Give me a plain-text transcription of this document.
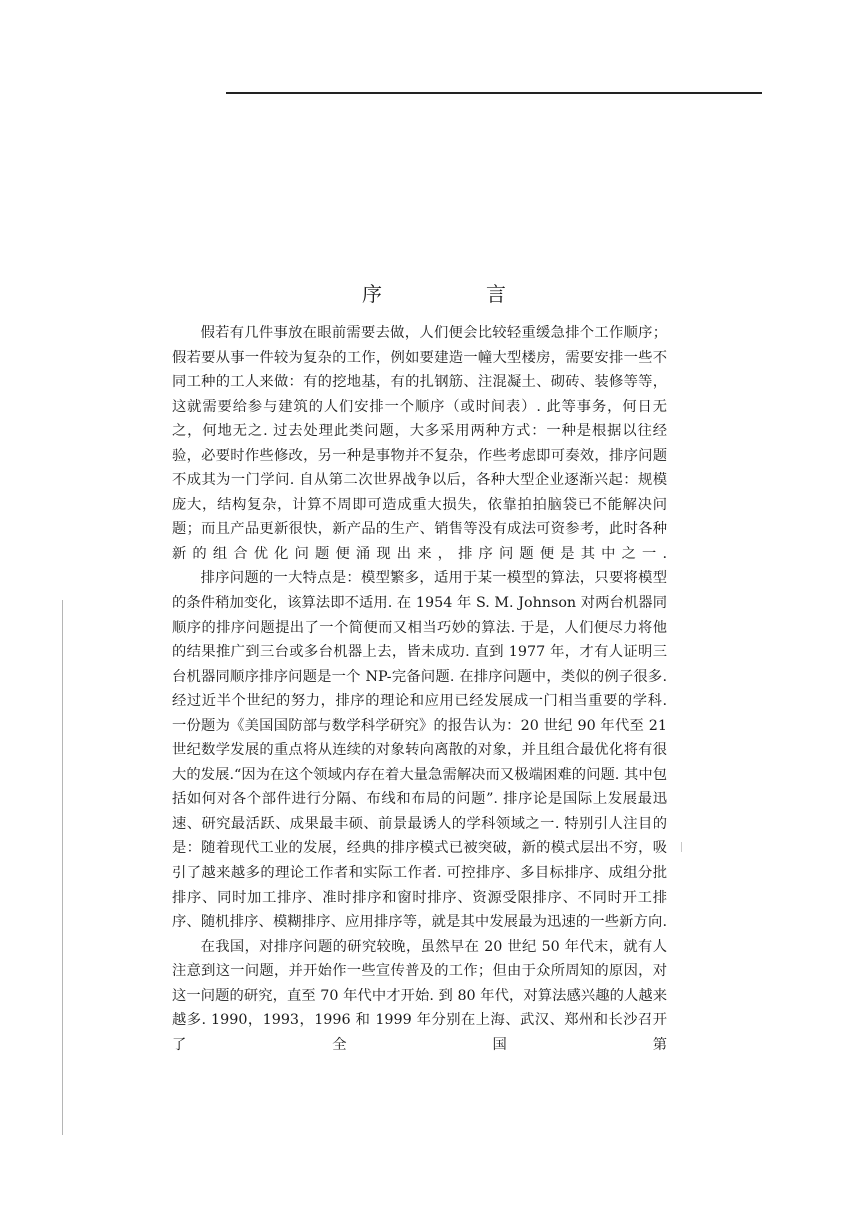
序　言

假若有几件事放在眼前需要去做，人们便会比较轻重缓急排个工作顺序；假若要从事一件较为复杂的工作，例如要建造一幢大型楼房，需要安排一些不同工种的工人来做：有的挖地基，有的扎钢筋、注混凝土、砌砖、装修等等，这就需要给参与建筑的人们安排一个顺序（或时间表）. 此等事务，何日无之，何地无之. 过去处理此类问题，大多采用两种方式：一种是根据以往经验，必要时作些修改，另一种是事物并不复杂，作些考虑即可奏效，排序问题不成其为一门学问. 自从第二次世界战争以后，各种大型企业逐渐兴起：规模庞大，结构复杂，计算不周即可造成重大损失，依靠拍拍脑袋已不能解决问题；而且产品更新很快，新产品的生产、销售等没有成法可资参考，此时各种新的组合优化问题便涌现出来，排序问题便是其中之一.

排序问题的一大特点是：模型繁多，适用于某一模型的算法，只要将模型的条件稍加变化，该算法即不适用. 在 1954 年 S. M. Johnson 对两台机器同顺序的排序问题提出了一个简便而又相当巧妙的算法. 于是，人们便尽力将他的结果推广到三台或多台机器上去，皆未成功. 直到 1977 年，才有人证明三台机器同顺序排序问题是一个 NP-完备问题. 在排序问题中，类似的例子很多. 经过近半个世纪的努力，排序的理论和应用已经发展成一门相当重要的学科. 一份题为《美国国防部与数学科学研究》的报告认为：20 世纪 90 年代至 21 世纪数学发展的重点将从连续的对象转向离散的对象，并且组合最优化将有很大的发展.“因为在这个领域内存在着大量急需解决而又极端困难的问题. 其中包括如何对各个部件进行分隔、布线和布局的问题”. 排序论是国际上发展最迅速、研究最活跃、成果最丰硕、前景最诱人的学科领域之一. 特别引人注目的是：随着现代工业的发展，经典的排序模式已被突破，新的模式层出不穷，吸引了越来越多的理论工作者和实际工作者. 可控排序、多目标排序、成组分批排序、同时加工排序、准时排序和窗时排序、资源受限排序、不同时开工排序、随机排序、模糊排序、应用排序等，就是其中发展最为迅速的一些新方向.

在我国，对排序问题的研究较晚，虽然早在 20 世纪 50 年代末，就有人注意到这一问题，并开始作一些宣传普及的工作；但由于众所周知的原因，对这一问题的研究，直至 70 年代中才开始. 到 80 年代，对算法感兴趣的人越来越多. 1990，1993，1996 和 1999 年分别在上海、武汉、郑州和长沙召开了全国第
